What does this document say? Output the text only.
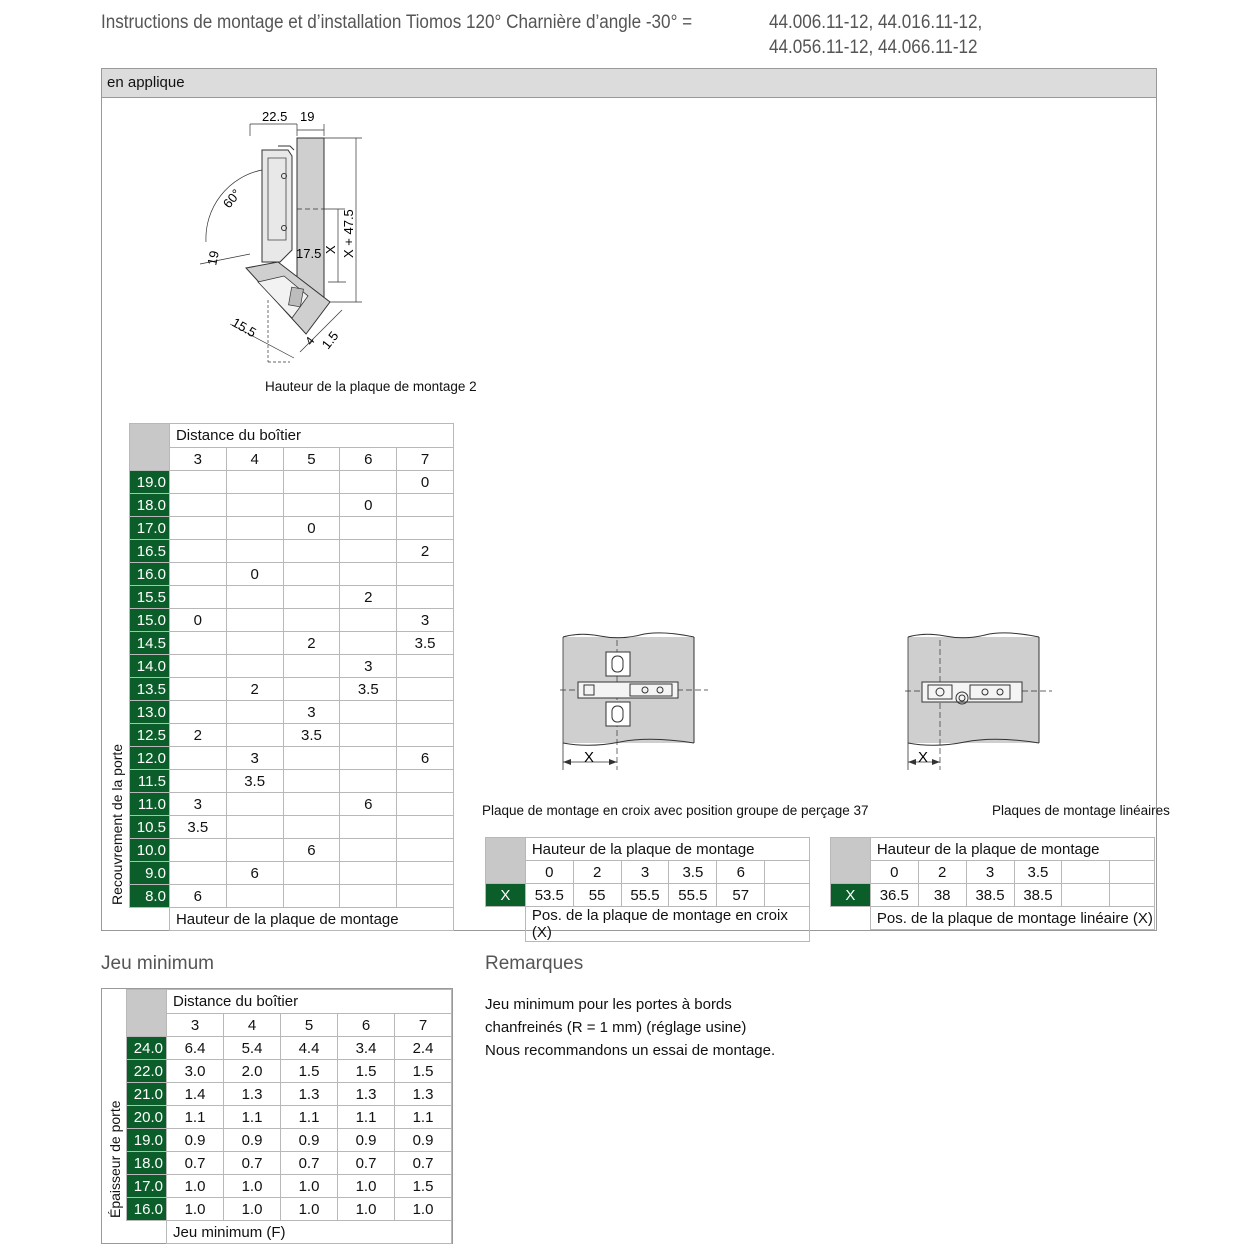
Instructions de montage et d’installation Tiomos 120° Charnière d’angle -30° =	44.006.11-12, 44.016.11-12,
44.056.11-12, 44.066.11-12
en applique
22.5 19
X X + 47.5
17.5
60°
19
15.5
4 1.5
Hauteur de la plaque de montage 2
	Distance du boîtier				
	3	4	5	6	7
19.0					0
18.0				0	
17.0			0		
16.5					2
16.0		0			
15.5				2	
15.0	0				3
14.5			2		3.5
14.0				3	
13.5		2		3.5	
13.0			3		
12.5	2		3.5		
12.0		3			6
11.5		3.5			
11.0	3			6	
10.5	3.5				
10.0			6		
9.0		6			
8.0	6				
	Hauteur de la plaque de montage				
Recouvrement de la porte	X
Plaque de montage en croix avec position groupe de perçage 37
X
Plaques de montage linéaires
	Hauteur de la plaque de montage					
	0	2	3	3.5	6	
X	53.5	55	55.5	55.5	57	
	Pos. de la plaque de montage en croix (X)					
	Hauteur de la plaque de montage					
	0	2	3	3.5		
X	36.5	38	38.5	38.5		
	Pos. de la plaque de montage linéaire (X)					
Jeu minimum
	Distance du boîtier				
	3	4	5	6	7
24.0	6.4	5.4	4.4	3.4	2.4
22.0	3.0	2.0	1.5	1.5	1.5
21.0	1.4	1.3	1.3	1.3	1.3
20.0	1.1	1.1	1.1	1.1	1.1
19.0	0.9	0.9	0.9	0.9	0.9
18.0	0.7	0.7	0.7	0.7	0.7
17.0	1.0	1.0	1.0	1.0	1.5
16.0	1.0	1.0	1.0	1.0	1.0
	Jeu minimum (F)				
Épaisseur de porte
Remarques
Jeu minimum pour les portes à bords
chanfreinés (R = 1 mm) (réglage usine)
Nous recommandons un essai de montage.
